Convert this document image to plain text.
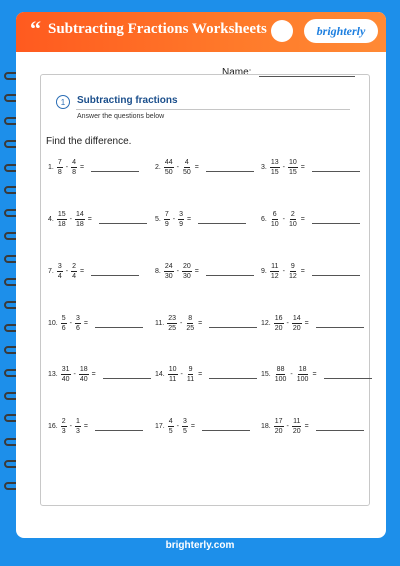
“ Subtracting Fractions Worksheets	brighterly
Name:
1	Subtracting fractions
Answer the questions below
Find the difference.
1. $\frac{7}{8} - \frac{4}{8}$ =	2. $\frac{44}{50} - \frac{4}{50}$ =	3. $\frac{13}{15} - \frac{10}{15}$ =
4. $\frac{15}{18} - \frac{14}{18}$ =	5. $\frac{7}{9} - \frac{3}{9}$ =	6. $\frac{6}{10} - \frac{2}{10}$ =
7. $\frac{3}{4} - \frac{2}{4}$ =	8. $\frac{24}{30} - \frac{20}{30}$ =	9. $\frac{11}{12} - \frac{9}{12}$ =
10. $\frac{5}{6} - \frac{3}{6}$ =	11. $\frac{23}{25} - \frac{8}{25}$ =	12. $\frac{16}{20} - \frac{14}{20}$ =
13. $\frac{31}{40} - \frac{18}{40}$ =	14. $\frac{10}{11} - \frac{9}{11}$ =	15. $\frac{88}{100} - \frac{18}{100}$ =
16. $\frac{2}{3} - \frac{1}{3}$ =	17. $\frac{4}{5} - \frac{3}{5}$ =	18. $\frac{17}{20} - \frac{11}{20}$ =
brighterly.com
